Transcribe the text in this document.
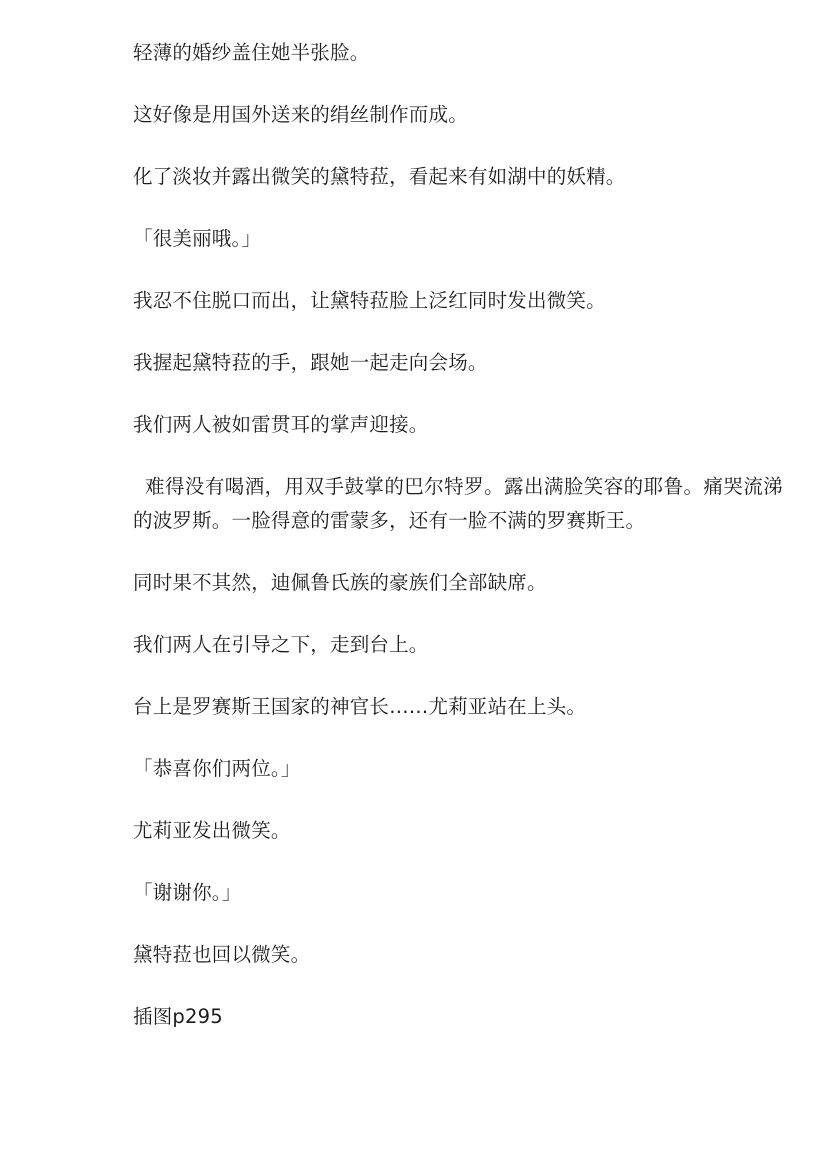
轻薄的婚纱盖住她半张脸。

这好像是用国外送来的绢丝制作而成。

化了淡妆并露出微笑的黛特菈，看起来有如湖中的妖精。

「很美丽哦。」

我忍不住脱口而出，让黛特菈脸上泛红同时发出微笑。

我握起黛特菈的手，跟她一起走向会场。

我们两人被如雷贯耳的掌声迎接。

难得没有喝酒，用双手鼓掌的巴尔特罗。露出满脸笑容的耶鲁。痛哭流涕的波罗斯。一脸得意的雷蒙多，还有一脸不满的罗赛斯王。

同时果不其然，迪佩鲁氏族的豪族们全部缺席。

我们两人在引导之下，走到台上。

台上是罗赛斯王国家的神官长……尤莉亚站在上头。

「恭喜你们两位。」

尤莉亚发出微笑。

「谢谢你。」

黛特菈也回以微笑。

插图p295
